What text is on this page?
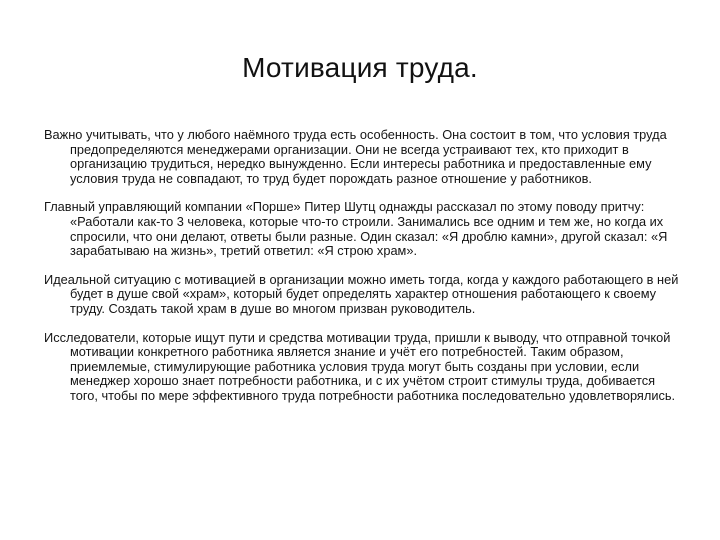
Мотивация труда.

Важно учитывать, что у любого наёмного труда есть особенность. Она состоит в том, что условия труда предопределяются менеджерами организации. Они не всегда устраивают тех, кто приходит в организацию трудиться, нередко вынужденно. Если интересы работника и предоставленные ему условия труда не совпадают, то труд будет порождать разное отношение у работников.

Главный управляющий компании «Порше» Питер Шутц однажды рассказал по этому поводу притчу: «Работали как-то 3 человека, которые что-то строили. Занимались все одним и тем же, но когда их спросили, что они делают, ответы были разные. Один сказал: «Я дроблю камни», другой сказал: «Я зарабатываю на жизнь», третий ответил: «Я строю храм».

Идеальной ситуацию с мотивацией в организации можно иметь тогда, когда у каждого работающего в ней будет в душе свой «храм», который будет определять характер отношения работающего к своему труду. Создать такой храм в душе во многом призван руководитель.

Исследователи, которые ищут пути и средства мотивации труда, пришли к выводу, что отправной точкой мотивации конкретного работника является знание и учёт его потребностей. Таким образом, приемлемые, стимулирующие работника условия труда могут быть созданы при условии, если менеджер хорошо знает потребности работника, и с их учётом строит стимулы труда, добивается того, чтобы по мере эффективного труда потребности работника последовательно удовлетворялись.
